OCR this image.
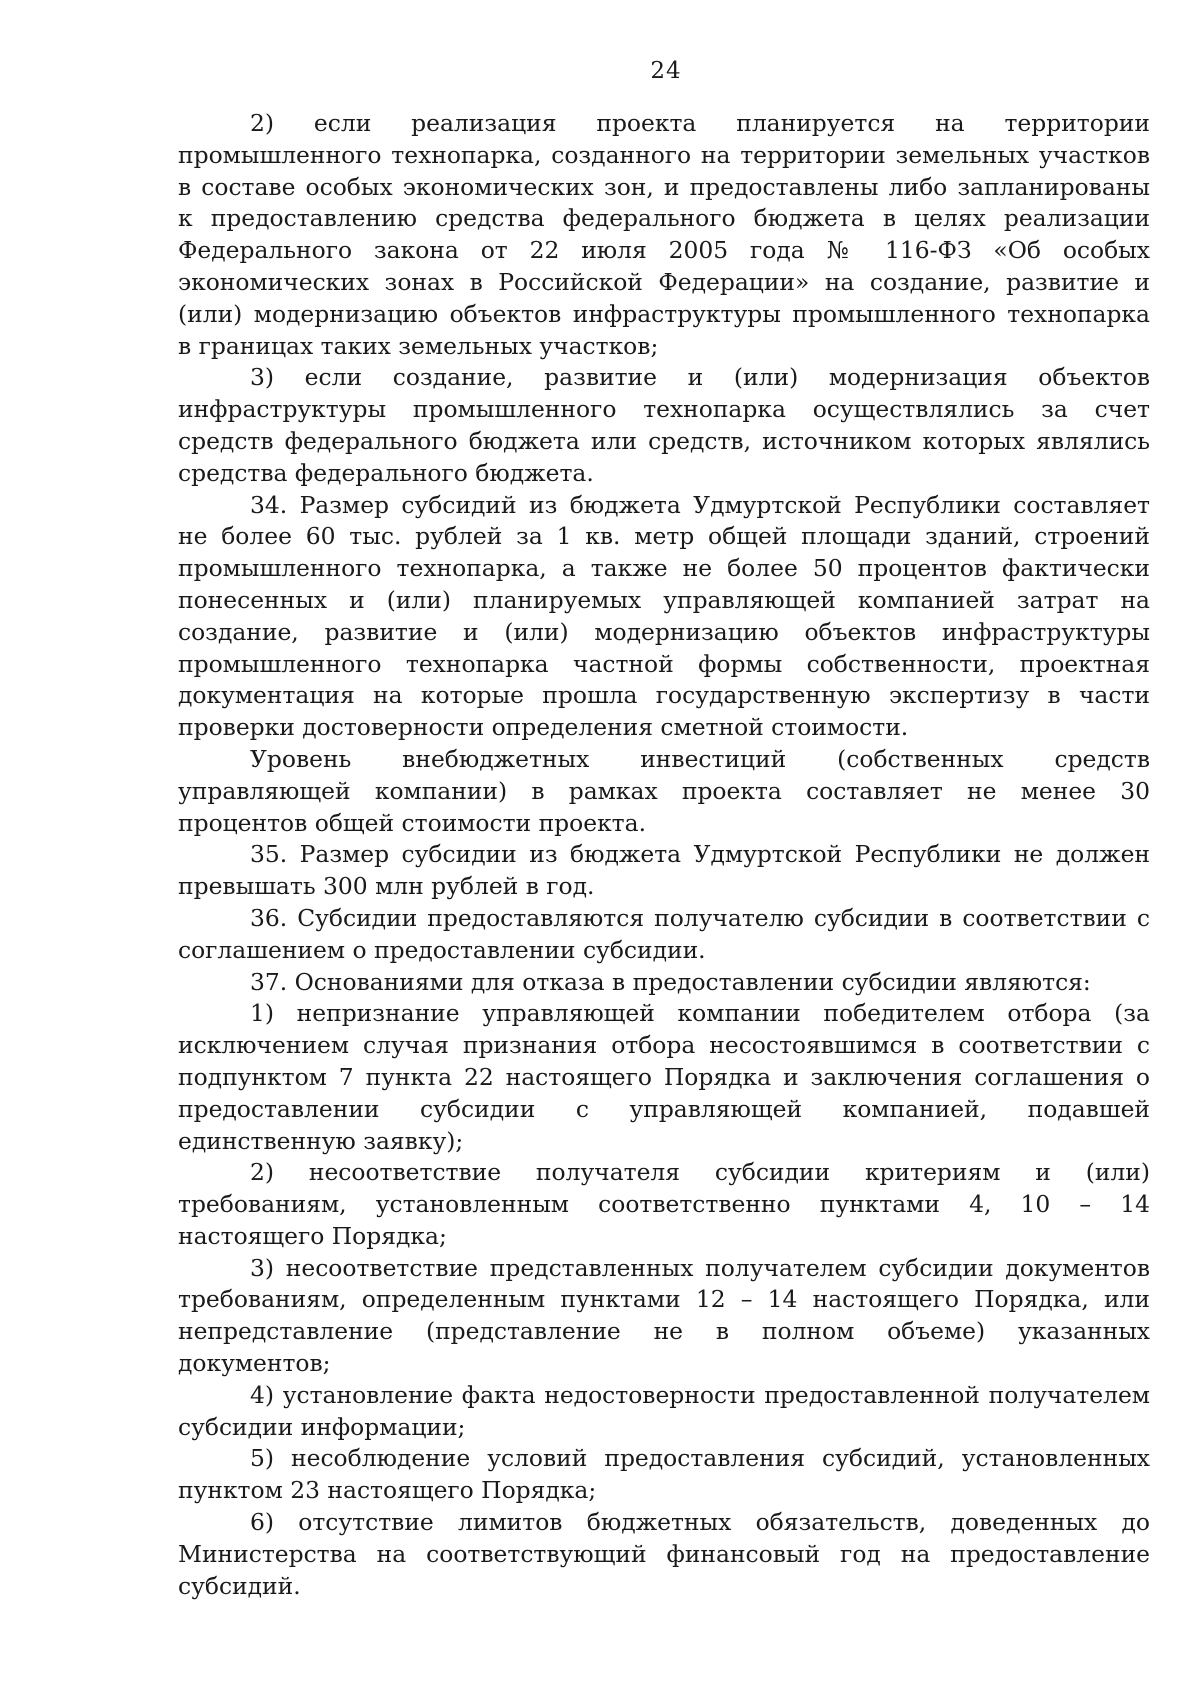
24

2) если реализация проекта планируется на территории промышленного технопарка, созданного на территории земельных участков в составе особых экономических зон, и предоставлены либо запланированы к предоставлению средства федерального бюджета в целях реализации Федерального закона от 22 июля 2005 года № 116-ФЗ «Об особых экономических зонах в Российской Федерации» на создание, развитие и (или) модернизацию объектов инфраструктуры промышленного технопарка в границах таких земельных участков;

3) если создание, развитие и (или) модернизация объектов инфраструктуры промышленного технопарка осуществлялись за счет средств федерального бюджета или средств, источником которых являлись средства федерального бюджета.

34. Размер субсидий из бюджета Удмуртской Республики составляет не более 60 тыс. рублей за 1 кв. метр общей площади зданий, строений промышленного технопарка, а также не более 50 процентов фактически понесенных и (или) планируемых управляющей компанией затрат на создание, развитие и (или) модернизацию объектов инфраструктуры промышленного технопарка частной формы собственности, проектная документация на которые прошла государственную экспертизу в части проверки достоверности определения сметной стоимости.

Уровень внебюджетных инвестиций (собственных средств управляющей компании) в рамках проекта составляет не менее 30 процентов общей стоимости проекта.

35. Размер субсидии из бюджета Удмуртской Республики не должен превышать 300 млн рублей в год.

36. Субсидии предоставляются получателю субсидии в соответствии с соглашением о предоставлении субсидии.

37. Основаниями для отказа в предоставлении субсидии являются:

1) непризнание управляющей компании победителем отбора (за исключением случая признания отбора несостоявшимся в соответствии с подпунктом 7 пункта 22 настоящего Порядка и заключения соглашения о предоставлении субсидии с управляющей компанией, подавшей единственную заявку);

2) несоответствие получателя субсидии критериям и (или) требованиям, установленным соответственно пунктами 4, 10 – 14 настоящего Порядка;

3) несоответствие представленных получателем субсидии документов требованиям, определенным пунктами 12 – 14 настоящего Порядка, или непредставление (представление не в полном объеме) указанных документов;

4) установление факта недостоверности предоставленной получателем субсидии информации;

5) несоблюдение условий предоставления субсидий, установленных пунктом 23 настоящего Порядка;

6) отсутствие лимитов бюджетных обязательств, доведенных до Министерства на соответствующий финансовый год на предоставление субсидий.
